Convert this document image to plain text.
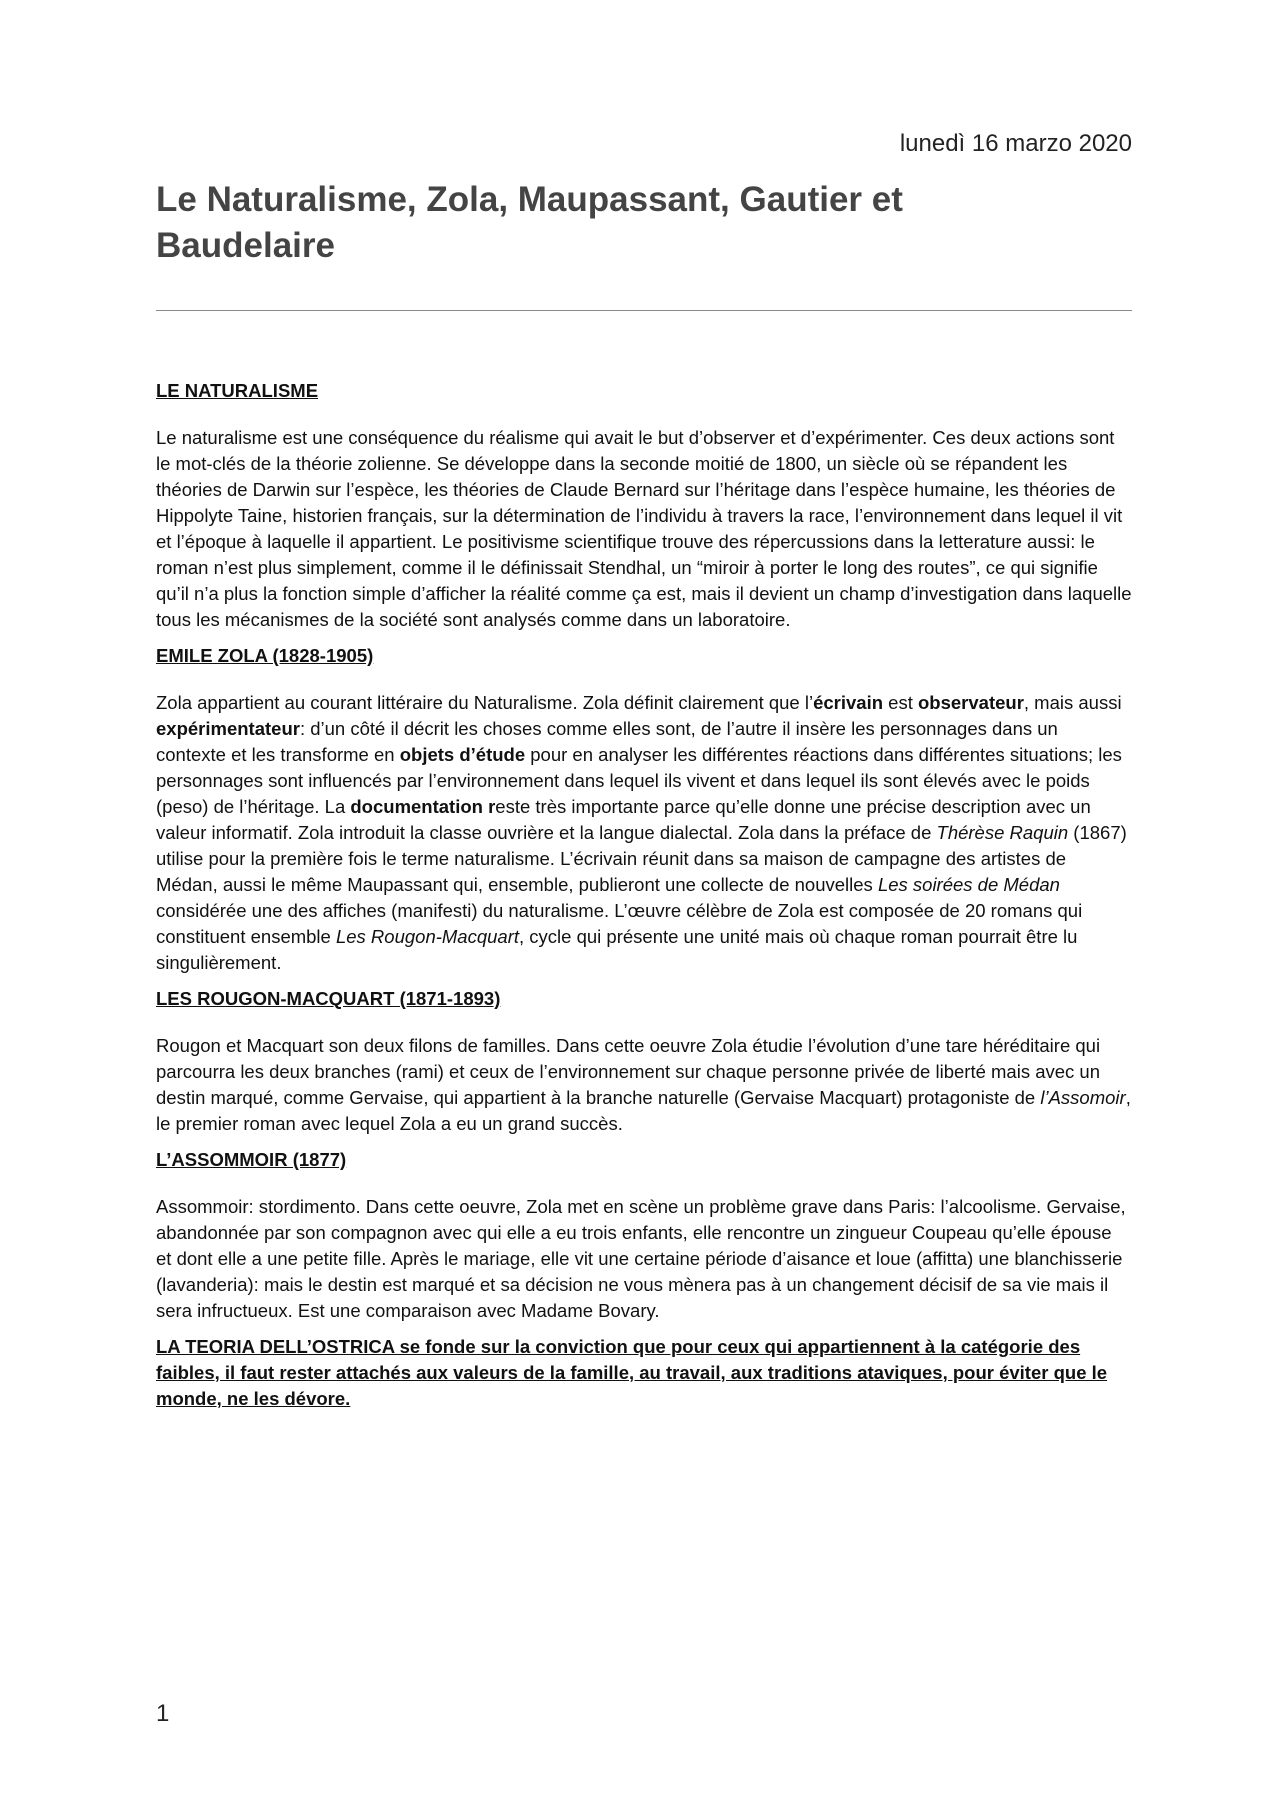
lunedì 16 marzo 2020
Le Naturalisme, Zola, Maupassant, Gautier et Baudelaire

LE NATURALISME

Le naturalisme est une conséquence du réalisme qui avait le but d’observer et d’expérimenter. Ces deux actions sont le mot-clés de la théorie zolienne. Se développe dans la seconde moitié de 1800, un siècle où se répandent les théories de Darwin sur l’espèce, les théories de Claude Bernard sur l’héritage dans l’espèce humaine, les théories de Hippolyte Taine, historien français, sur la détermination de l’individu à travers la race, l’environnement dans lequel il vit et l’époque à laquelle il appartient. Le positivisme scientifique trouve des répercussions dans la letterature aussi: le roman n’est plus simplement, comme il le définissait Stendhal, un “miroir à porter le long des routes”, ce qui signifie qu’il n’a plus la fonction simple d’afficher la réalité comme ça est, mais il devient un champ d’investigation dans laquelle tous les mécanismes de la société sont analysés comme dans un laboratoire.

EMILE ZOLA (1828-1905)

Zola appartient au courant littéraire du Naturalisme. Zola définit clairement que l’écrivain est observateur, mais aussi expérimentateur: d’un côté il décrit les choses comme elles sont, de l’autre il insère les personnages dans un contexte et les transforme en objets d’étude pour en analyser les différentes réactions dans différentes situations; les personnages sont influencés par l’environnement dans lequel ils vivent et dans lequel ils sont élevés avec le poids (peso) de l’héritage. La documentation reste très importante parce qu’elle donne une précise description avec un valeur informatif. Zola introduit la classe ouvrière et la langue dialectal. Zola dans la préface de Thérèse Raquin (1867) utilise pour la première fois le terme naturalisme. L’écrivain réunit dans sa maison de campagne des artistes de Médan, aussi le même Maupassant qui, ensemble, publieront une collecte de nouvelles Les soirées de Médan considérée une des affiches (manifesti) du naturalisme. L’œuvre célèbre de Zola est composée de 20 romans qui constituent ensemble Les Rougon-Macquart, cycle qui présente une unité mais où chaque roman pourrait être lu singulièrement.

LES ROUGON-MACQUART (1871-1893)

Rougon et Macquart son deux filons de familles. Dans cette oeuvre Zola étudie l’évolution d’une tare héréditaire qui parcourra les deux branches (rami) et ceux de l’environnement sur chaque personne privée de liberté mais avec un destin marqué, comme Gervaise, qui appartient à la branche naturelle (Gervaise Macquart) protagoniste de l’Assomoir, le premier roman avec lequel Zola a eu un grand succès.

L’ASSOMMOIR (1877)

Assommoir: stordimento. Dans cette oeuvre, Zola met en scène un problème grave dans Paris: l’alcoolisme. Gervaise, abandonnée par son compagnon avec qui elle a eu trois enfants, elle rencontre un zingueur Coupeau qu’elle épouse et dont elle a une petite fille. Après le mariage, elle vit une certaine période d’aisance et loue (affitta) une blanchisserie (lavanderia): mais le destin est marqué et sa décision ne vous mènera pas à un changement décisif de sa vie mais il sera infructueux. Est une comparaison avec Madame Bovary.

LA TEORIA DELL’OSTRICA se fonde sur la conviction que pour ceux qui appartiennent à la catégorie des faibles, il faut rester attachés aux valeurs de la famille, au travail, aux traditions ataviques, pour éviter que le monde, ne les dévore.

1
